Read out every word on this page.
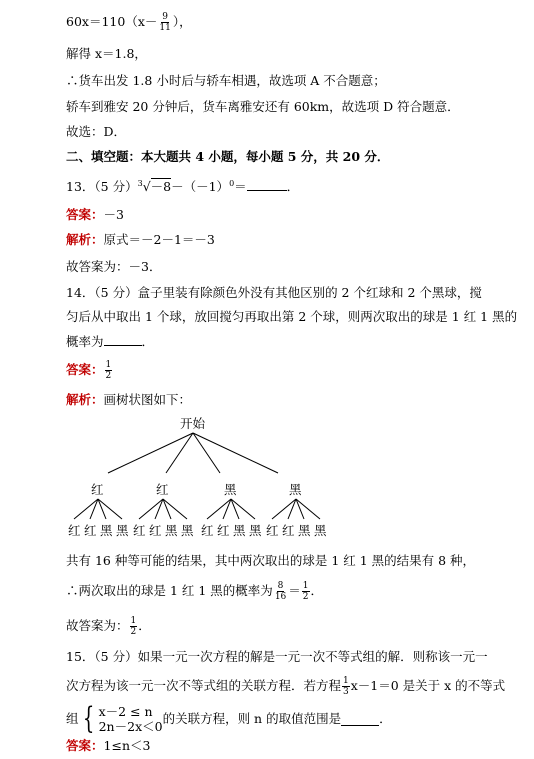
$60x=110(x- \frac{9}{11}$ ），
解得 x＝1.8，
∴货车出发 1.8 小时后与轿车相遇，故选项 A 不合题意；
轿车到雅安 20 分钟后，货车离雅安还有 60km，故选项 D 符合题意．
故选：D．
二、填空题：本大题共 4 小题，每小题 5 分，共 20 分．
13．（5 分）$^3√-8-(-1)^0=$	．
答案：－3
解析：原式＝－2－1＝－3
故答案为：－3．
14．（5 分）盒子里装有除颜色外没有其他区别的 2 个红球和 2 个黑球，搅
匀后从中取出 1 个球，放回搅匀再取出第 2 个球，则两次取出的球是 1 红 1 黑的
概率为	．
答案： $\frac{1}{2}$
解析：画树状图如下：
开始
红	红	黑	黑
红 红 黑 黑 红 红 黑 黑 红 红 黑 黑 红 红 黑 黑
共有 16 种等可能的结果，其中两次取出的球是 1 红 1 黑的结果有 8 种，
∴两次取出的球是 1 红 1 黑的概率为 $\frac{8}{16} = \frac{1}{2}$ ．
故答案为： $\frac{1}{2}$ ．
15．（5 分）如果一元一次方程的解是一元一次不等式组的解．则称该一元一
次方程为该一元一次不等式组的关联方程．若方程 $\frac{1}{3} x-1=0$ 是关于 x 的不等式
组 { x－2 ≤ n
2n－2x＜0
的关联方程，则 n 的取值范围是	．
答案：1≤n＜3
